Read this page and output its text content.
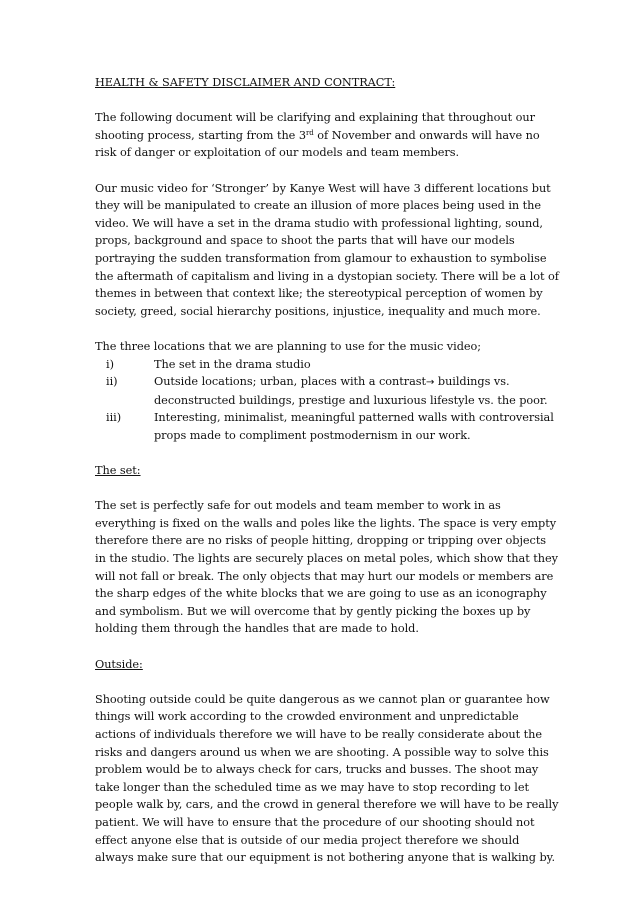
HEALTH & SAFETY DISCLAIMER AND CONTRACT:

The following document will be clarifying and explaining that throughout our
shooting process, starting from the 3rd of November and onwards will have no
risk of danger or exploitation of our models and team members.
Our music video for ‘Stronger’ by Kanye West will have 3 different locations but
they will be manipulated to create an illusion of more places being used in the
video. We will have a set in the drama studio with professional lighting, sound,
props, background and space to shoot the parts that will have our models
portraying the sudden transformation from glamour to exhaustion to symbolise
the aftermath of capitalism and living in a dystopian society. There will be a lot of
themes in between that context like; the stereotypical perception of women by
society, greed, social hierarchy positions, injustice, inequality and much more.
The three locations that we are planning to use for the music video;
i)	The set in the drama studio
ii)	Outside locations; urban, places with a contrast→ buildings vs.
deconstructed buildings, prestige and luxurious lifestyle vs. the poor.
iii)	Interesting, minimalist, meaningful patterned walls with controversial
props made to compliment postmodernism in our work.

The set:

The set is perfectly safe for out models and team member to work in as
everything is fixed on the walls and poles like the lights. The space is very empty
therefore there are no risks of people hitting, dropping or tripping over objects
in the studio. The lights are securely places on metal poles, which show that they
will not fall or break. The only objects that may hurt our models or members are
the sharp edges of the white blocks that we are going to use as an iconography
and symbolism. But we will overcome that by gently picking the boxes up by
holding them through the handles that are made to hold.

Outside:

Shooting outside could be quite dangerous as we cannot plan or guarantee how
things will work according to the crowded environment and unpredictable
actions of individuals therefore we will have to be really considerate about the
risks and dangers around us when we are shooting. A possible way to solve this
problem would be to always check for cars, trucks and busses. The shoot may
take longer than the scheduled time as we may have to stop recording to let
people walk by, cars, and the crowd in general therefore we will have to be really
patient. We will have to ensure that the procedure of our shooting should not
effect anyone else that is outside of our media project therefore we should
always make sure that our equipment is not bothering anyone that is walking by.
